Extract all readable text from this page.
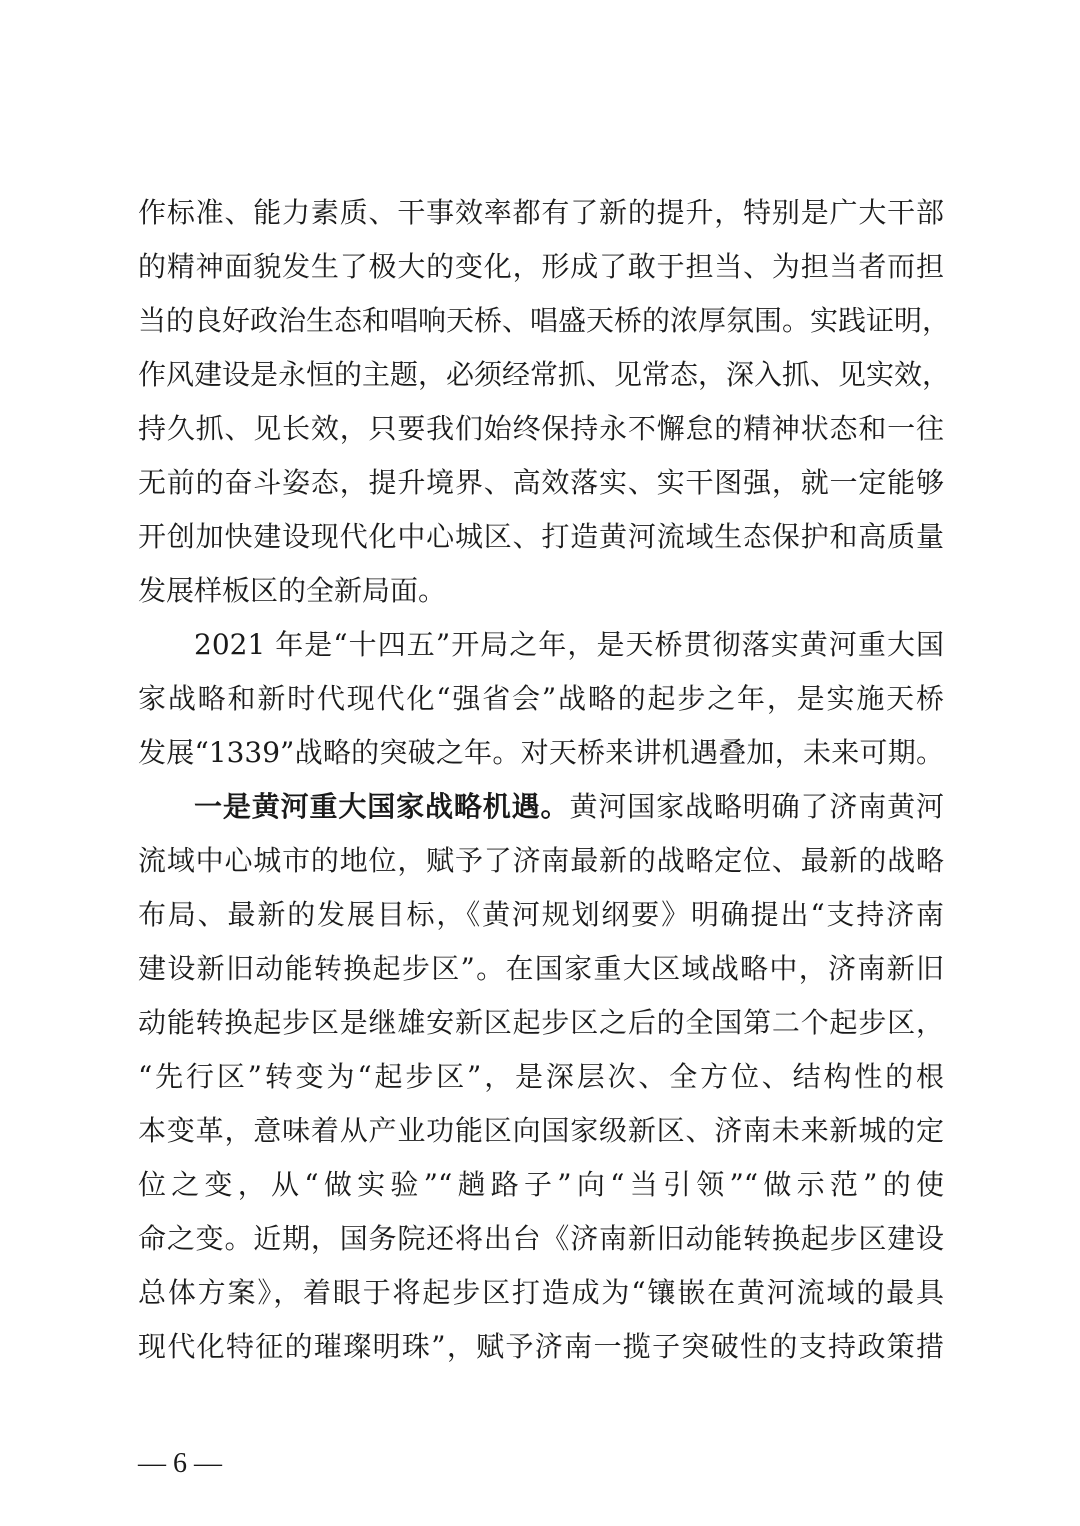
作标准、能力素质、干事效率都有了新的提升，特别是广大干部
的精神面貌发生了极大的变化，形成了敢于担当、为担当者而担
当的良好政治生态和唱响天桥、唱盛天桥的浓厚氛围。实践证明，
作风建设是永恒的主题，必须经常抓、见常态，深入抓、见实效，
持久抓、见长效，只要我们始终保持永不懈怠的精神状态和一往
无前的奋斗姿态，提升境界、高效落实、实干图强，就一定能够
开创加快建设现代化中心城区、打造黄河流域生态保护和高质量
发展样板区的全新局面。
2021 年是“十四五”开局之年，是天桥贯彻落实黄河重大国
家战略和新时代现代化“强省会”战略的起步之年，是实施天桥
发展“1339”战略的突破之年。对天桥来讲机遇叠加，未来可期。
一是黄河重大国家战略机遇。黄河国家战略明确了济南黄河
流域中心城市的地位，赋予了济南最新的战略定位、最新的战略
布局、最新的发展目标，《黄河规划纲要》明确提出“支持济南
建设新旧动能转换起步区”。在国家重大区域战略中，济南新旧
动能转换起步区是继雄安新区起步区之后的全国第二个起步区，
“先行区”转变为“起步区”，是深层次、全方位、结构性的根
本变革，意味着从产业功能区向国家级新区、济南未来新城的定
位之变，从“做实验”“趟路子”向“当引领”“做示范”的使
命之变。近期，国务院还将出台《济南新旧动能转换起步区建设
总体方案》，着眼于将起步区打造成为“镶嵌在黄河流域的最具
现代化特征的璀璨明珠”，赋予济南一揽子突破性的支持政策措
— 6 —
